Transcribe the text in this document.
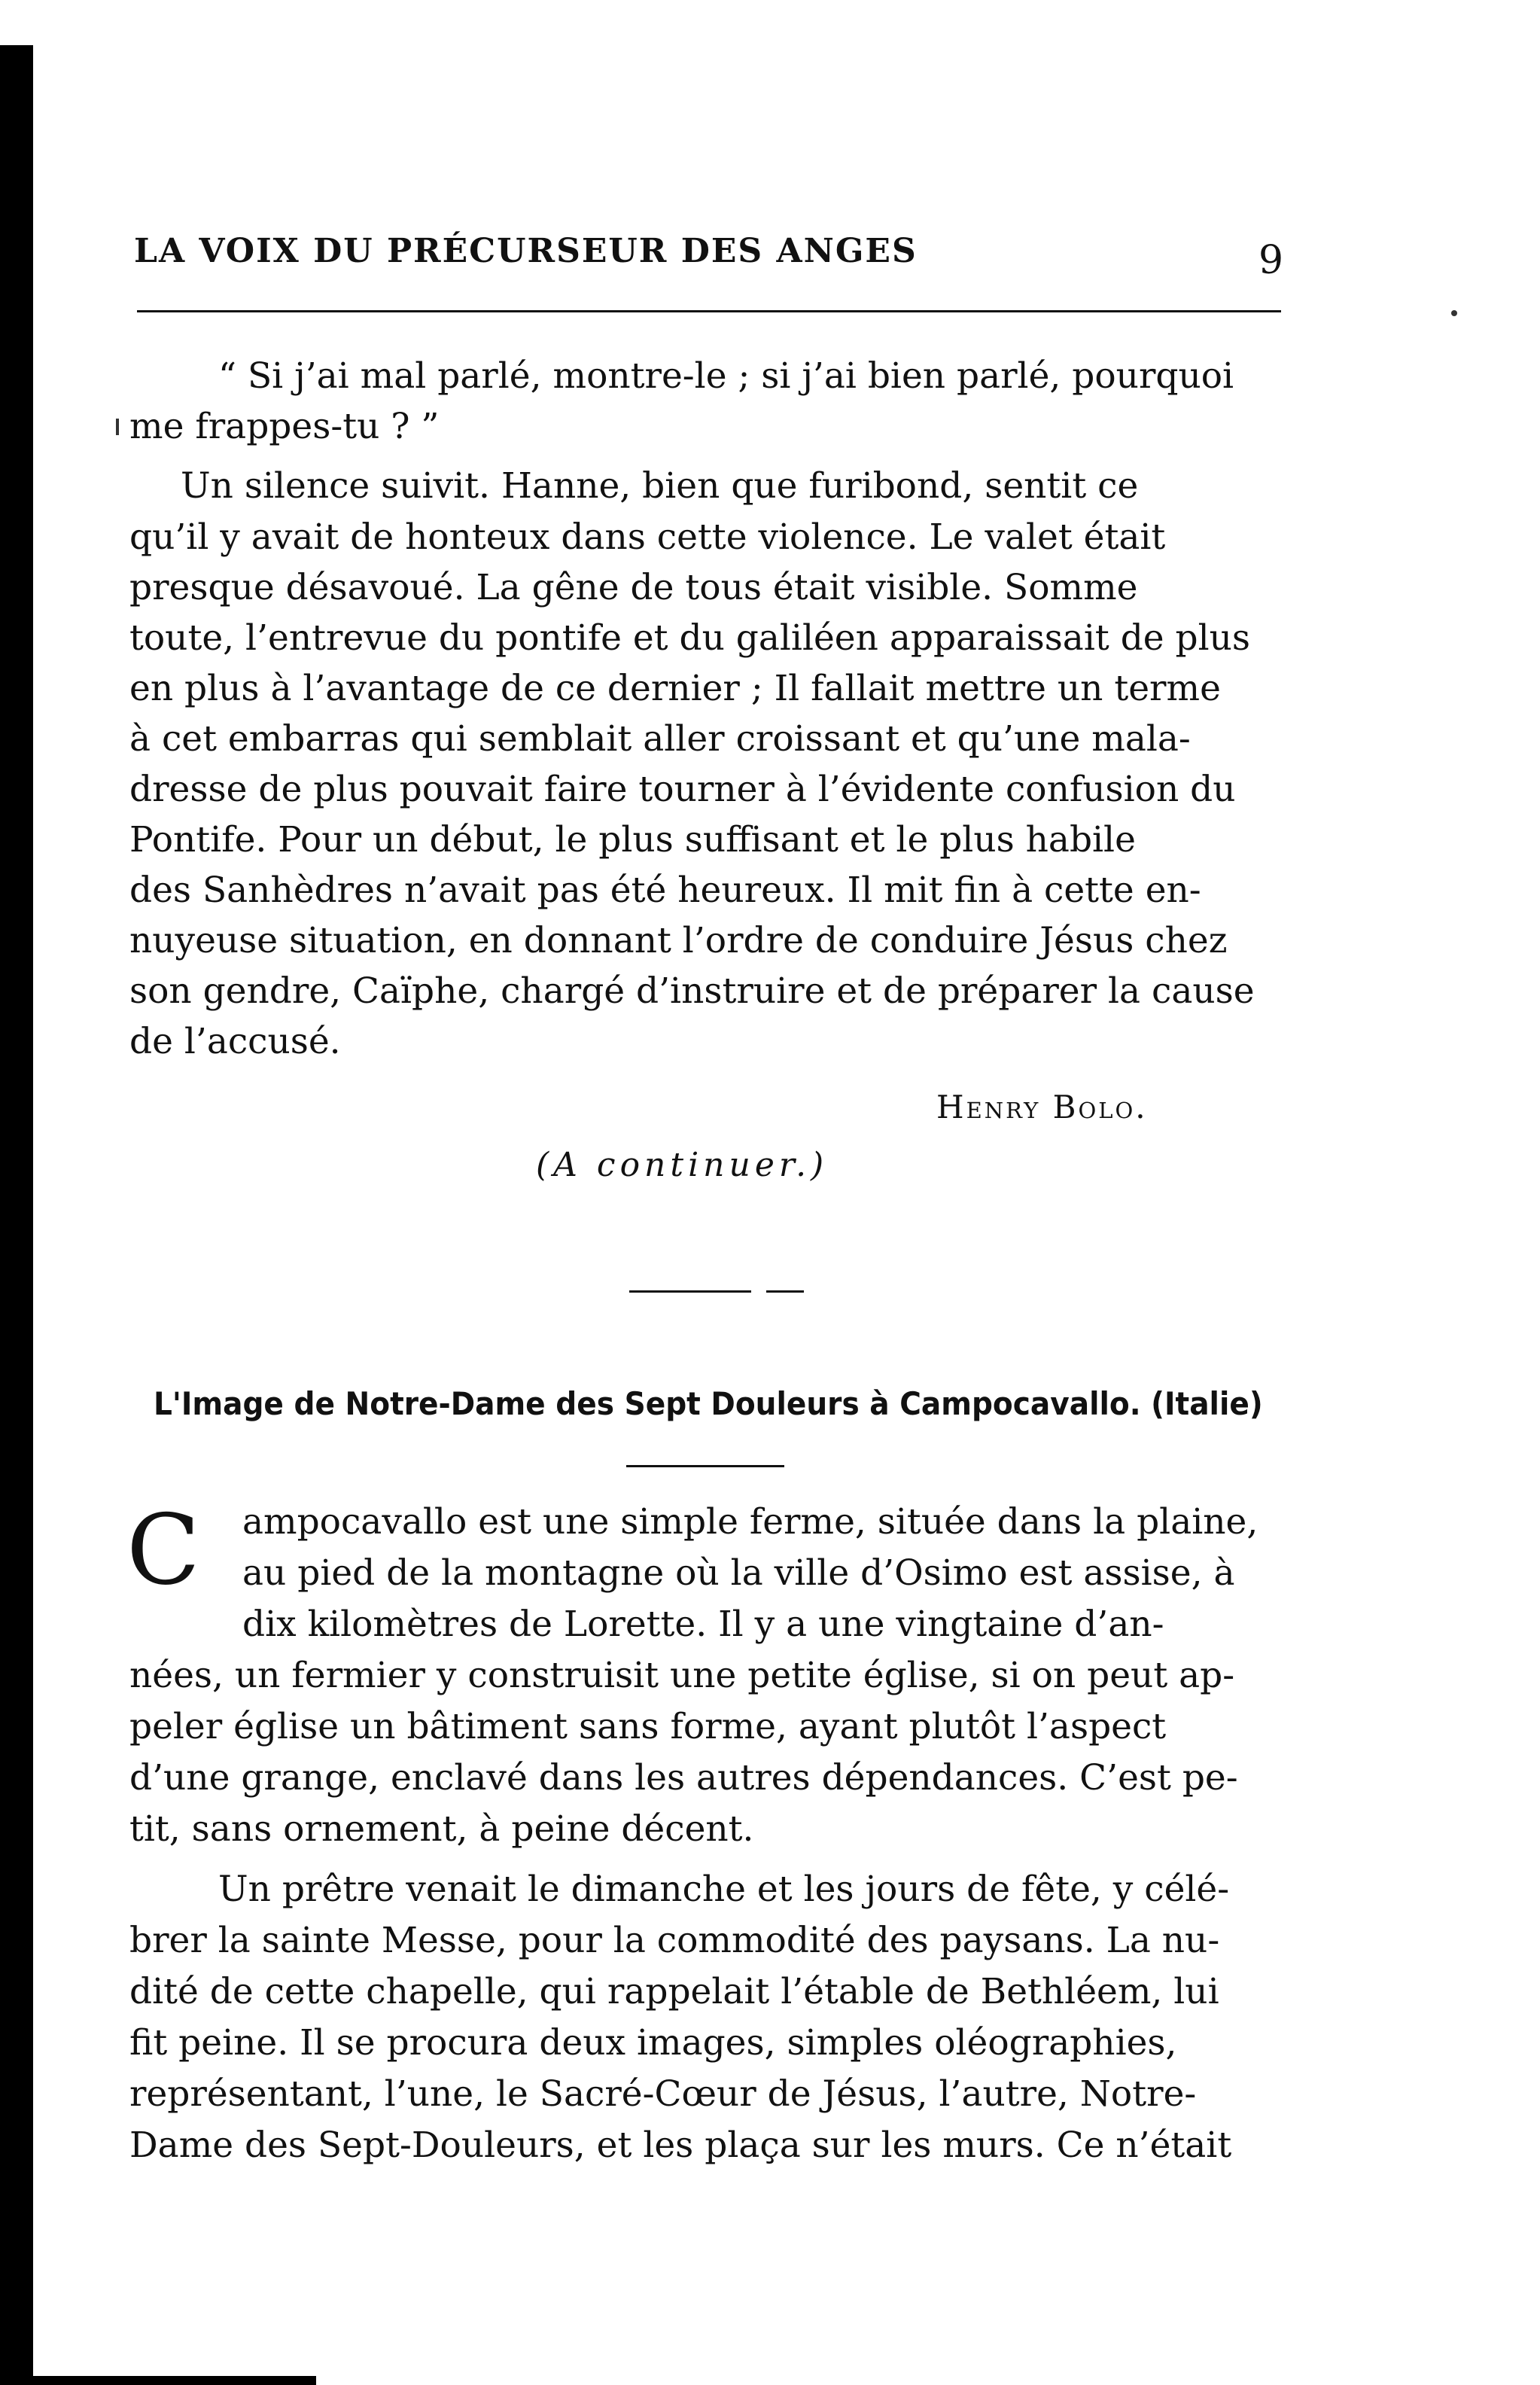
LA VOIX DU PRÉCURSEUR DES ANGES	9
“ Si j’ai mal parlé, montre-le ; si j’ai bien parlé, pourquoi
me frappes-tu ? ”
Un silence suivit. Hanne, bien que furibond, sentit ce
qu’il y avait de honteux dans cette violence. Le valet était
presque désavoué. La gêne de tous était visible. Somme
toute, l’entrevue du pontife et du galiléen apparaissait de plus
en plus à l’avantage de ce dernier ; Il fallait mettre un terme
à cet embarras qui semblait aller croissant et qu’une mala-
dresse de plus pouvait faire tourner à l’évidente confusion du
Pontife. Pour un début, le plus suffisant et le plus habile
des Sanhèdres n’avait pas été heureux. Il mit fin à cette en-
nuyeuse situation, en donnant l’ordre de conduire Jésus chez
son gendre, Caïphe, chargé d’instruire et de préparer la cause
de l’accusé.
Henry Bolo.
(A continuer.)
L'Image de Notre-Dame des Sept Douleurs à Campocavallo. (Italie)
C ampocavallo est une simple ferme, située dans la plaine,
au pied de la montagne où la ville d’Osimo est assise, à
dix kilomètres de Lorette. Il y a une vingtaine d’an-
nées, un fermier y construisit une petite église, si on peut ap-
peler église un bâtiment sans forme, ayant plutôt l’aspect
d’une grange, enclavé dans les autres dépendances. C’est pe-
tit, sans ornement, à peine décent.
Un prêtre venait le dimanche et les jours de fête, y célé-
brer la sainte Messe, pour la commodité des paysans. La nu-
dité de cette chapelle, qui rappelait l’étable de Bethléem, lui
fit peine. Il se procura deux images, simples oléographies,
représentant, l’une, le Sacré-Cœur de Jésus, l’autre, Notre-
Dame des Sept-Douleurs, et les plaça sur les murs. Ce n’était
